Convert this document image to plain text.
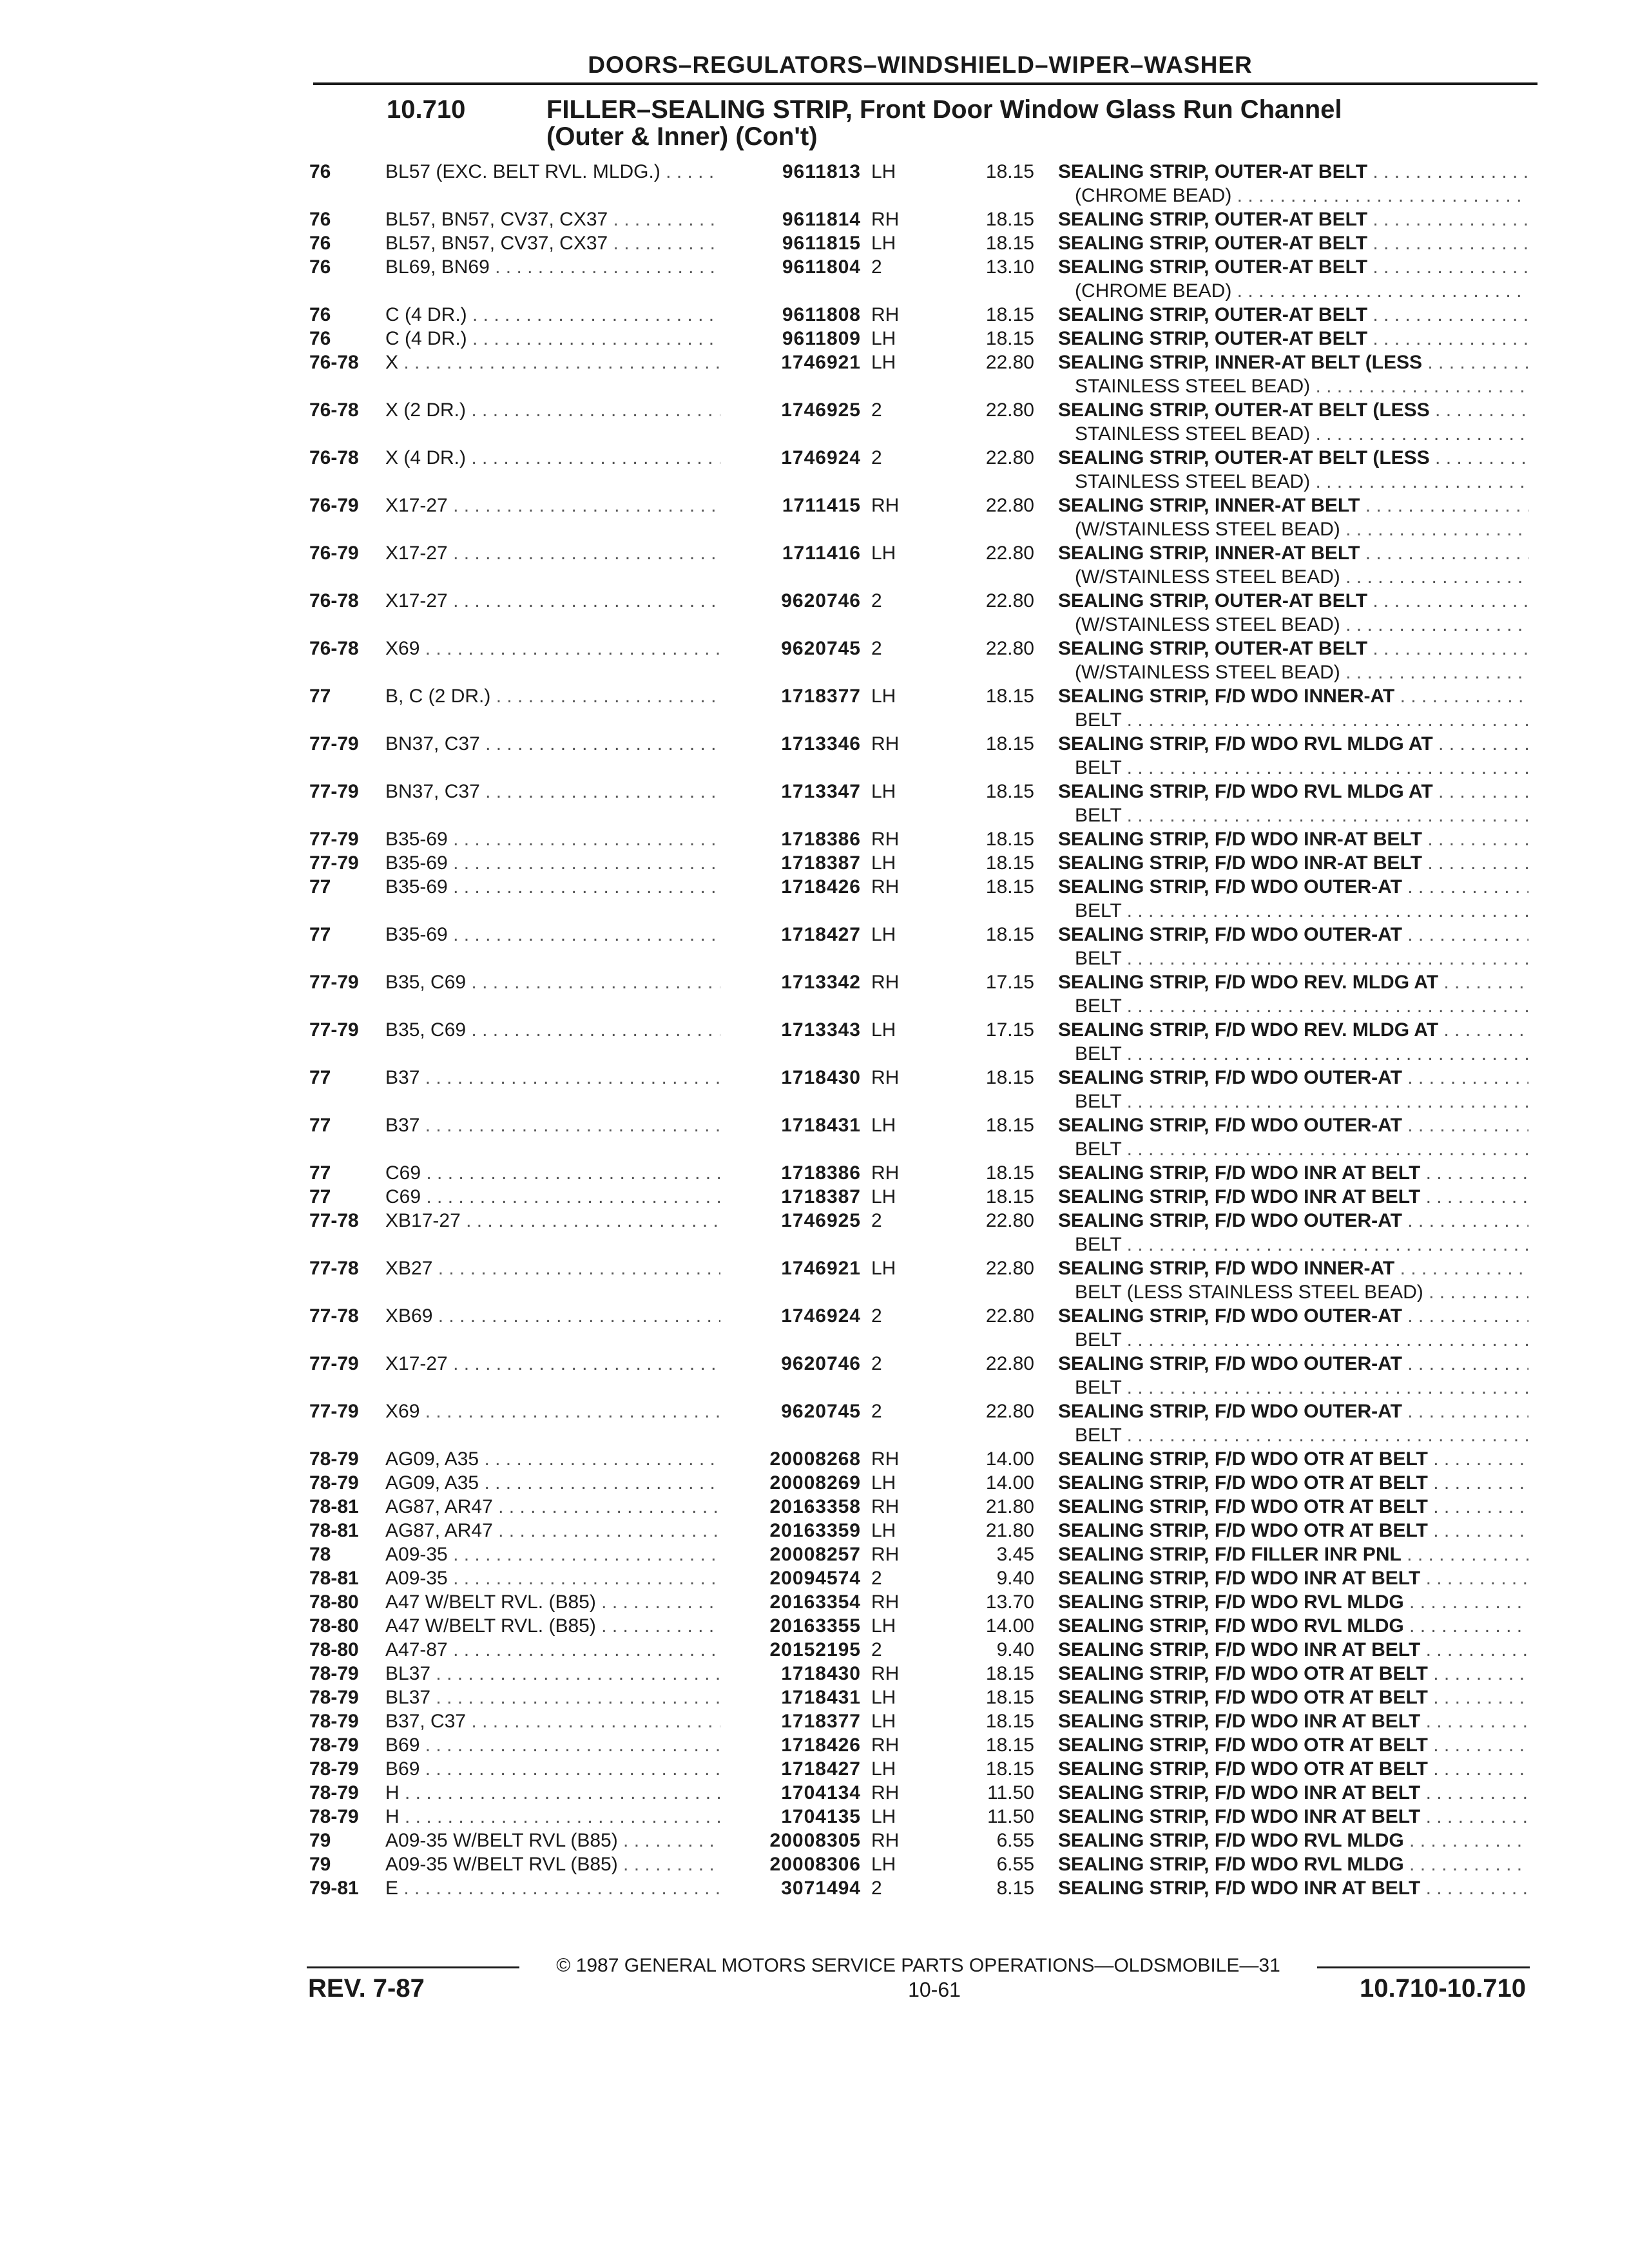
DOORS–REGULATORS–WINDSHIELD–WIPER–WASHER
10.710	FILLER–SEALING STRIP, Front Door Window Glass Run Channel
(Outer & Inner) (Con't)
76	BL57 (EXC. BELT RVL. MLDG.) . . .	9611813 LH	18.15 SEALING STRIP, OUTER-AT BELT . . .
(CHROME BEAD) . . .
76	BL57, BN57, CV37, CX37 . . .	9611814 RH	18.15 SEALING STRIP, OUTER-AT BELT . . .
76	BL57, BN57, CV37, CX37 . . .	9611815 LH	18.15 SEALING STRIP, OUTER-AT BELT . . .
76	BL69, BN69 . . .	9611804 2	13.10 SEALING STRIP, OUTER-AT BELT . . .
(CHROME BEAD) . . .
76	C (4 DR.) . . .	9611808 RH	18.15 SEALING STRIP, OUTER-AT BELT . . .
76	C (4 DR.) . . .	9611809 LH	18.15 SEALING STRIP, OUTER-AT BELT . . .
76-78 X . . .	1746921 LH	22.80 SEALING STRIP, INNER-AT BELT (LESS . . .
STAINLESS STEEL BEAD) . . .
76-78 X (2 DR.) . . .	1746925 2	22.80 SEALING STRIP, OUTER-AT BELT (LESS . . .
STAINLESS STEEL BEAD) . . .
76-78 X (4 DR.) . . .	1746924 2	22.80 SEALING STRIP, OUTER-AT BELT (LESS . . .
STAINLESS STEEL BEAD) . . .
76-79 X17-27 . . .	1711415 RH	22.80 SEALING STRIP, INNER-AT BELT . . .
(W/STAINLESS STEEL BEAD) . . .
76-79 X17-27 . . .	1711416 LH	22.80 SEALING STRIP, INNER-AT BELT . . .
(W/STAINLESS STEEL BEAD) . . .
76-78 X17-27 . . .	9620746 2	22.80 SEALING STRIP, OUTER-AT BELT . . .
(W/STAINLESS STEEL BEAD) . . .
76-78 X69 . . .	9620745 2	22.80 SEALING STRIP, OUTER-AT BELT . . .
(W/STAINLESS STEEL BEAD) . . .
77	B, C (2 DR.) . . .	1718377 LH	18.15 SEALING STRIP, F/D WDO INNER-AT . . .
BELT . . .
77-79 BN37, C37 . . .	1713346 RH	18.15 SEALING STRIP, F/D WDO RVL MLDG AT . . .
BELT . . .
77-79 BN37, C37 . . .	1713347 LH	18.15 SEALING STRIP, F/D WDO RVL MLDG AT . . .
BELT . . .
77-79 B35-69 . . .	1718386 RH	18.15 SEALING STRIP, F/D WDO INR-AT BELT . . .
77-79 B35-69 . . .	1718387 LH	18.15 SEALING STRIP, F/D WDO INR-AT BELT . . .
77	B35-69 . . .	1718426 RH	18.15 SEALING STRIP, F/D WDO OUTER-AT . . .
BELT . . .
77	B35-69 . . .	1718427 LH	18.15 SEALING STRIP, F/D WDO OUTER-AT . . .
BELT . . .
77-79 B35, C69 . . .	1713342 RH	17.15 SEALING STRIP, F/D WDO REV. MLDG AT . . .
BELT . . .
77-79 B35, C69 . . .	1713343 LH	17.15 SEALING STRIP, F/D WDO REV. MLDG AT . . .
BELT . . .
77	B37 . . .	1718430 RH	18.15 SEALING STRIP, F/D WDO OUTER-AT . . .
BELT . . .
77	B37 . . .	1718431 LH	18.15 SEALING STRIP, F/D WDO OUTER-AT . . .
BELT . . .
77	C69 . . .	1718386 RH	18.15 SEALING STRIP, F/D WDO INR AT BELT . . .
77	C69 . . .	1718387 LH	18.15 SEALING STRIP, F/D WDO INR AT BELT . . .
77-78 XB17-27 . . .	1746925 2	22.80 SEALING STRIP, F/D WDO OUTER-AT . . .
BELT . . .
77-78 XB27 . . .	1746921 LH	22.80 SEALING STRIP, F/D WDO INNER-AT . . .
BELT (LESS STAINLESS STEEL BEAD) . . .
77-78 XB69 . . .	1746924 2	22.80 SEALING STRIP, F/D WDO OUTER-AT . . .
BELT . . .
77-79 X17-27 . . .	9620746 2	22.80 SEALING STRIP, F/D WDO OUTER-AT . . .
BELT . . .
77-79 X69 . . .	9620745 2	22.80 SEALING STRIP, F/D WDO OUTER-AT . . .
BELT . . .
78-79 AG09, A35 . . .	20008268 RH	14.00 SEALING STRIP, F/D WDO OTR AT BELT . . .
78-79 AG09, A35 . . .	20008269 LH	14.00 SEALING STRIP, F/D WDO OTR AT BELT . . .
78-81 AG87, AR47 . . .	20163358 RH	21.80 SEALING STRIP, F/D WDO OTR AT BELT . . .
78-81 AG87, AR47 . . .	20163359 LH	21.80 SEALING STRIP, F/D WDO OTR AT BELT . . .
78	A09-35 . . .	20008257 RH	3.45 SEALING STRIP, F/D FILLER INR PNL . . .
78-81 A09-35 . . .	20094574 2	9.40 SEALING STRIP, F/D WDO INR AT BELT . . .
78-80 A47 W/BELT RVL. (B85) . . .	20163354 RH	13.70 SEALING STRIP, F/D WDO RVL MLDG . . .
78-80 A47 W/BELT RVL. (B85) . . .	20163355 LH	14.00 SEALING STRIP, F/D WDO RVL MLDG . . .
78-80 A47-87 . . .	20152195 2	9.40 SEALING STRIP, F/D WDO INR AT BELT . . .
78-79 BL37 . . .	1718430 RH	18.15 SEALING STRIP, F/D WDO OTR AT BELT . . .
78-79 BL37 . . .	1718431 LH	18.15 SEALING STRIP, F/D WDO OTR AT BELT . . .
78-79 B37, C37 . . .	1718377 LH	18.15 SEALING STRIP, F/D WDO INR AT BELT . . .
78-79 B69 . . .	1718426 RH	18.15 SEALING STRIP, F/D WDO OTR AT BELT . . .
78-79 B69 . . .	1718427 LH	18.15 SEALING STRIP, F/D WDO OTR AT BELT . . .
78-79 H . . .	1704134 RH	11.50 SEALING STRIP, F/D WDO INR AT BELT . . .
78-79 H . . .	1704135 LH	11.50 SEALING STRIP, F/D WDO INR AT BELT . . .
79	A09-35 W/BELT RVL (B85) . . .	20008305 RH	6.55 SEALING STRIP, F/D WDO RVL MLDG . . .
79	A09-35 W/BELT RVL (B85) . . .	20008306 LH	6.55 SEALING STRIP, F/D WDO RVL MLDG . . .
79-81 E . . .	3071494 2	8.15 SEALING STRIP, F/D WDO INR AT BELT . . .
© 1987 GENERAL MOTORS SERVICE PARTS OPERATIONS—OLDSMOBILE—31
REV. 7-87	10-61	10.710-10.710
